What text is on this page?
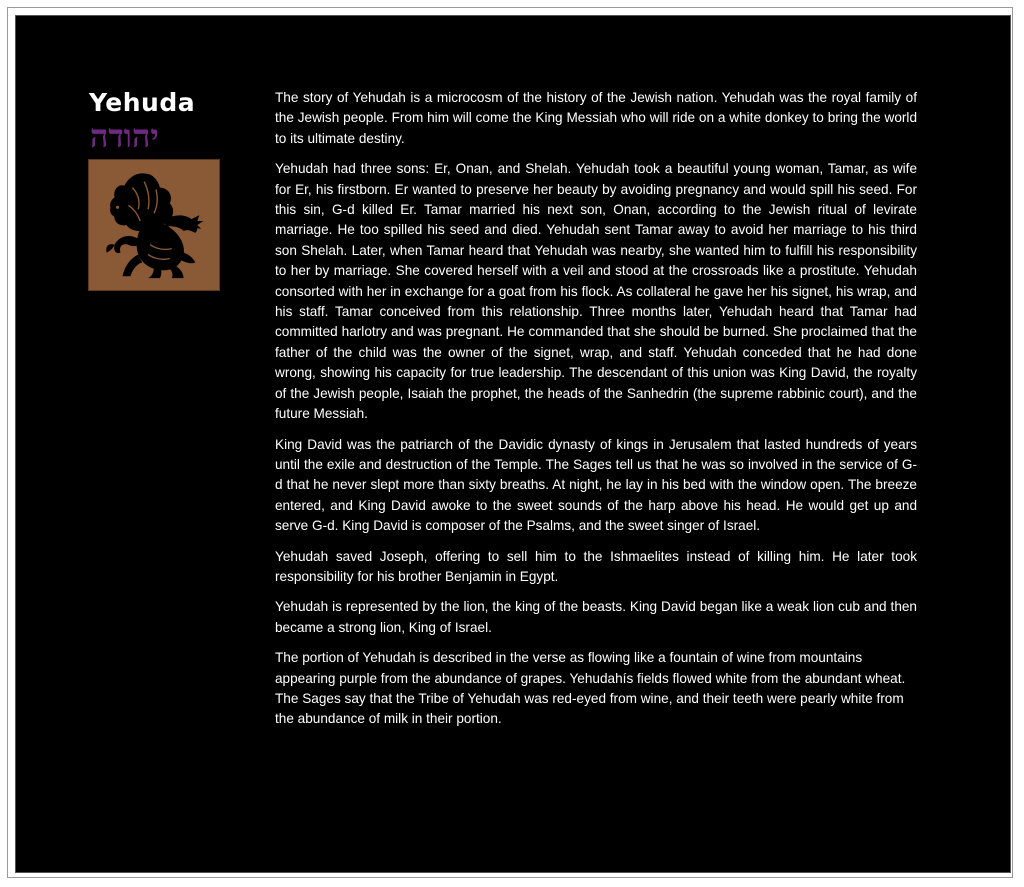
Yehuda
יהודה

The story of Yehudah is a microcosm of the history of the Jewish nation. Yehudah was the royal family of the Jewish people. From him will come the King Messiah who will ride on a white donkey to bring the world to its ultimate destiny.

Yehudah had three sons: Er, Onan, and Shelah. Yehudah took a beautiful young woman, Tamar, as wife for Er, his firstborn. Er wanted to preserve her beauty by avoiding pregnancy and would spill his seed. For this sin, G-d killed Er. Tamar married his next son, Onan, according to the Jewish ritual of levirate marriage. He too spilled his seed and died. Yehudah sent Tamar away to avoid her marriage to his third son Shelah. Later, when Tamar heard that Yehudah was nearby, she wanted him to fulfill his responsibility to her by marriage. She covered herself with a veil and stood at the crossroads like a prostitute. Yehudah consorted with her in exchange for a goat from his flock. As collateral he gave her his signet, his wrap, and his staff. Tamar conceived from this relationship. Three months later, Yehudah heard that Tamar had committed harlotry and was pregnant. He commanded that she should be burned. She proclaimed that the father of the child was the owner of the signet, wrap, and staff. Yehudah conceded that he had done wrong, showing his capacity for true leadership. The descendant of this union was King David, the royalty of the Jewish people, Isaiah the prophet, the heads of the Sanhedrin (the supreme rabbinic court), and the future Messiah.

King David was the patriarch of the Davidic dynasty of kings in Jerusalem that lasted hundreds of years until the exile and destruction of the Temple. The Sages tell us that he was so involved in the service of G-d that he never slept more than sixty breaths. At night, he lay in his bed with the window open. The breeze entered, and King David awoke to the sweet sounds of the harp above his head. He would get up and serve G-d. King David is composer of the Psalms, and the sweet singer of Israel.

Yehudah saved Joseph, offering to sell him to the Ishmaelites instead of killing him. He later took responsibility for his brother Benjamin in Egypt.

Yehudah is represented by the lion, the king of the beasts. King David began like a weak lion cub and then became a strong lion, King of Israel.

The portion of Yehudah is described in the verse as flowing like a fountain of wine from mountains appearing purple from the abundance of grapes. Yehudahís fields flowed white from the abundant wheat. The Sages say that the Tribe of Yehudah was red-eyed from wine, and their teeth were pearly white from the abundance of milk in their portion.
